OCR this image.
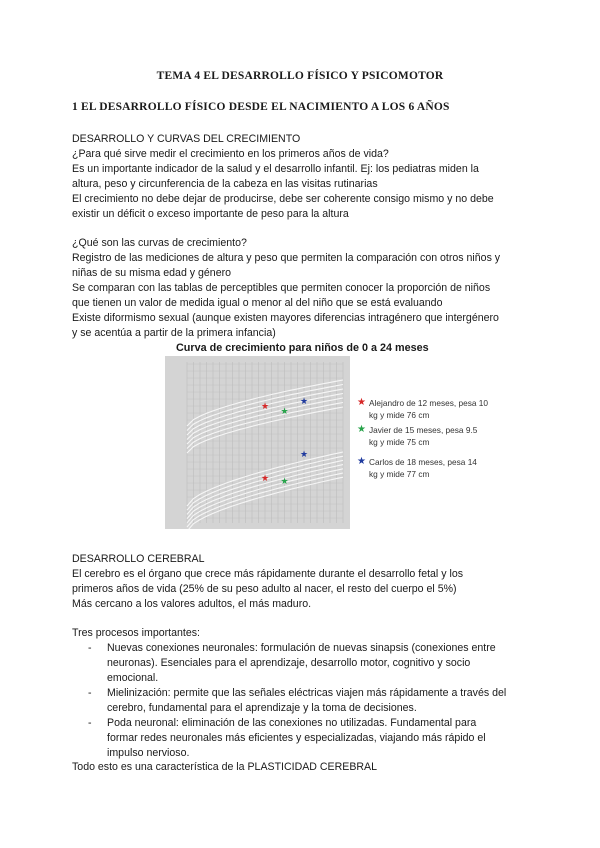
TEMA 4 EL DESARROLLO FÍSICO Y PSICOMOTOR
1 EL DESARROLLO FÍSICO DESDE EL NACIMIENTO A LOS 6 AÑOS

DESARROLLO Y CURVAS DEL CRECIMIENTO

¿Para qué sirve medir el crecimiento en los primeros años de vida?

Es un importante indicador de la salud y el desarrollo infantil. Ej: los pediatras miden la

altura, peso y circunferencia de la cabeza en las visitas rutinarias

El crecimiento no debe dejar de producirse, debe ser coherente consigo mismo y no debe

existir un déficit o exceso importante de peso para la altura

¿Qué son las curvas de crecimiento?

Registro de las mediciones de altura y peso que permiten la comparación con otros niños y

niñas de su misma edad y género

Se comparan con las tablas de perceptibles que permiten conocer la proporción de niños

que tienen un valor de medida igual o menor al del niño que se está evaluando

Existe diformismo sexual (aunque existen mayores diferencias intragénero que intergénero

y se acentúa a partir de la primera infancia)

Curva de crecimiento para niños de 0 a 24 meses
★
★
★
★
★
★
★ Alejandro de 12 meses, pesa 10

kg y mide 76 cm

★ Javier de 15 meses, pesa 9.5

kg y mide 75 cm

★ Carlos de 18 meses, pesa 14

kg y mide 77 cm

DESARROLLO CEREBRAL

El cerebro es el órgano que crece más rápidamente durante el desarrollo fetal y los

primeros años de vida (25% de su peso adulto al nacer, el resto del cuerpo el 5%)

Más cercano a los valores adultos, el más maduro.

Tres procesos importantes:

- Nuevas conexiones neuronales: formulación de nuevas sinapsis (conexiones entre

neuronas). Esenciales para el aprendizaje, desarrollo motor, cognitivo y socio

emocional.

- Mielinización: permite que las señales eléctricas viajen más rápidamente a través del

cerebro, fundamental para el aprendizaje y la toma de decisiones.

- Poda neuronal: eliminación de las conexiones no utilizadas. Fundamental para

formar redes neuronales más eficientes y especializadas, viajando más rápido el

impulso nervioso.

Todo esto es una característica de la PLASTICIDAD CEREBRAL
